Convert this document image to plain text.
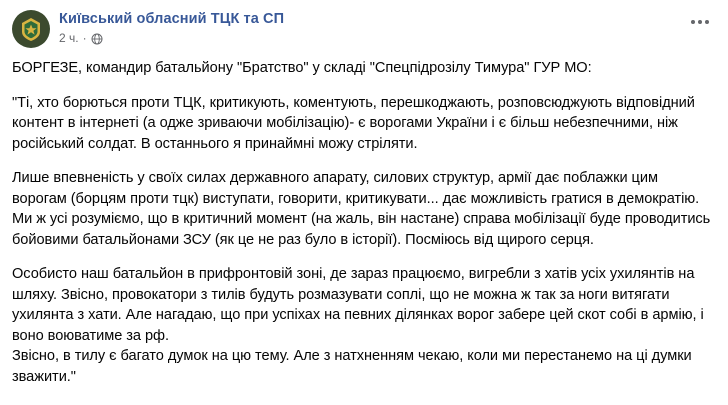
Київський обласний ТЦК та СП
2 ч. ·

БОРГЕЗЕ, командир батальйону "Братство" у складі "Спецпідрозілу Тимура" ГУР МО:

"Ті, хто борються проти ТЦК, критикують, коментують, перешкоджають, розповсюджують відповідний контент в інтернеті (а одже зриваючи мобілізацію)- є ворогами України і є більш небезпечними, ніж російський солдат. В останнього я принаймні можу стріляти.

Лише впевненість у своїх силах державного апарату, силових структур, армії дає поблажки цим ворогам (борцям проти тцк) виступати, говорити, критикувати... дає можливість гратися в демократію. Ми ж усі розуміємо, що в критичний момент (на жаль, він настане) справа мобілізації буде проводитись бойовими батальйонами ЗСУ (як це не раз було в історії). Посміюсь від щирого серця.

Особисто наш батальйон в прифронтовій зоні, де зараз працюємо, вигребли з хатів усіх ухилянтів на шляху. Звісно, провокатори з тилів будуть розмазувати соплі, що не можна ж так за ноги витягати ухилянта з хати. Але нагадаю, що при успіхах на певних ділянках ворог забере цей скот собі в армію, і воно воюватиме за рф.

Звісно, в тилу є багато думок на цю тему. Але з натхненням чекаю, коли ми перестанемо на ці думки зважити."
